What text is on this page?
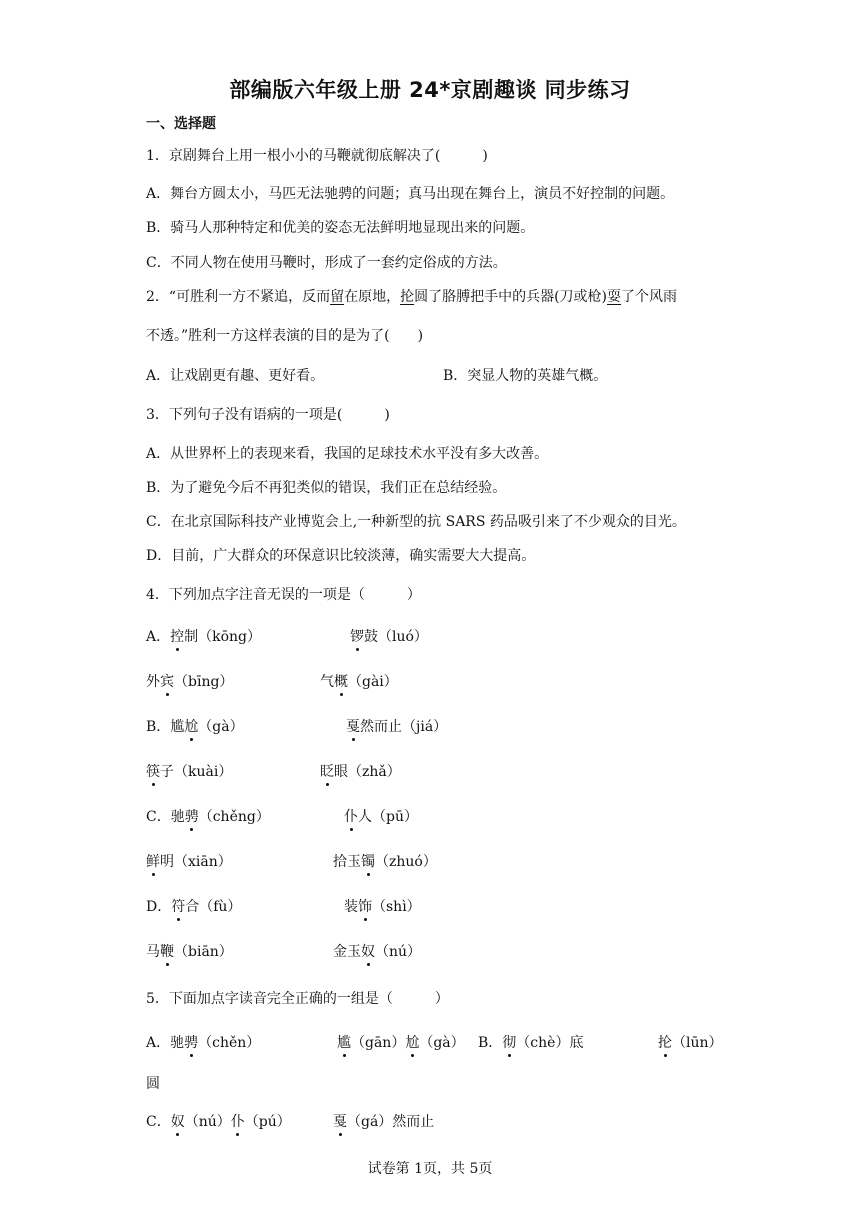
部编版六年级上册 24*京剧趣谈 同步练习
一、选择题
1．京剧舞台上用一根小小的马鞭就彻底解决了(　　　)
A．舞台方圆太小，马匹无法驰骋的问题；真马出现在舞台上，演员不好控制的问题。
B．骑马人那种特定和优美的姿态无法鲜明地显现出来的问题。
C．不同人物在使用马鞭时，形成了一套约定俗成的方法。
2．“可胜利一方不紧追，反而留在原地，抡圆了胳膊把手中的兵器(刀或枪)耍了个风雨
不透。”胜利一方这样表演的目的是为了(　　)
A．让戏剧更有趣、更好看。	B．突显人物的英雄气概。
3．下列句子没有语病的一项是(　　　)
A．从世界杯上的表现来看，我国的足球技术水平没有多大改善。
B．为了避免今后不再犯类似的错误，我们正在总结经验。
C．在北京国际科技产业博览会上,一种新型的抗 SARS 药品吸引来了不少观众的目光。
D．目前，广大群众的环保意识比较淡薄，确实需要大大提高。
4．下列加点字注音无误的一项是（　　　）
A．控制（kōng）	锣鼓（luó）
外宾（bīng）	气概（gài）
B．尴尬（gà）	戛然而止（jiá）
筷子（kuài）	眨眼（zhǎ）
C．驰骋（chěng）	仆人（pū）
鲜明（xiān）	拾玉镯（zhuó）
D．符合（fù）	装饰（shì）
马鞭（biān）	金玉奴（nú）
5．下面加点字读音完全正确的一组是（　　　）
A．驰骋（chěn）	尴（gān）尬（gà） B．彻（chè）底	抡（lūn）
圆
C．奴（nú）仆（pú）	戛（gá）然而止
试卷第 1页，共 5页
